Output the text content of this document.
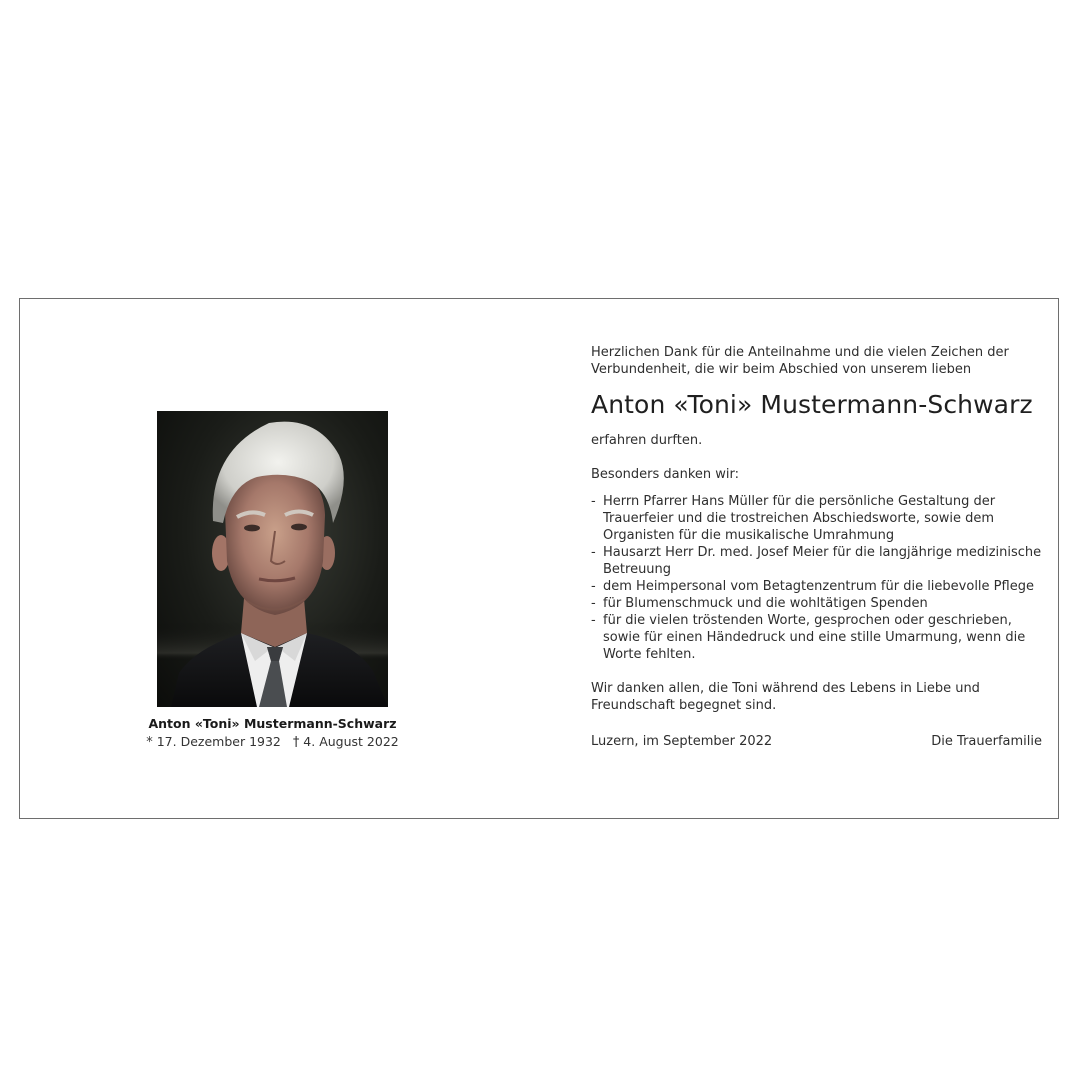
Anton «Toni» Mustermann-Schwarz
* 17. Dezember 1932 † 4. August 2022

Herzlichen Dank für die Anteilnahme und die vielen Zeichen der Verbundenheit, die wir beim Abschied von unserem lieben

Anton «Toni» Mustermann-Schwarz

erfahren durften.

Besonders danken wir:

- Herrn Pfarrer Hans Müller für die persönliche Gestaltung der Trauerfeier und die trostreichen Abschiedsworte, sowie dem Organisten für die musikalische Umrahmung
- Hausarzt Herr Dr. med. Josef Meier für die langjährige medizinische Betreuung
- dem Heimpersonal vom Betagtenzentrum für die liebevolle Pflege
- für Blumenschmuck und die wohltätigen Spenden
- für die vielen tröstenden Worte, gesprochen oder geschrieben, sowie für einen Händedruck und eine stille Umarmung, wenn die Worte fehlten.

Wir danken allen, die Toni während des Lebens in Liebe und Freundschaft begegnet sind.

Luzern, im September 2022	Die Trauerfamilie
